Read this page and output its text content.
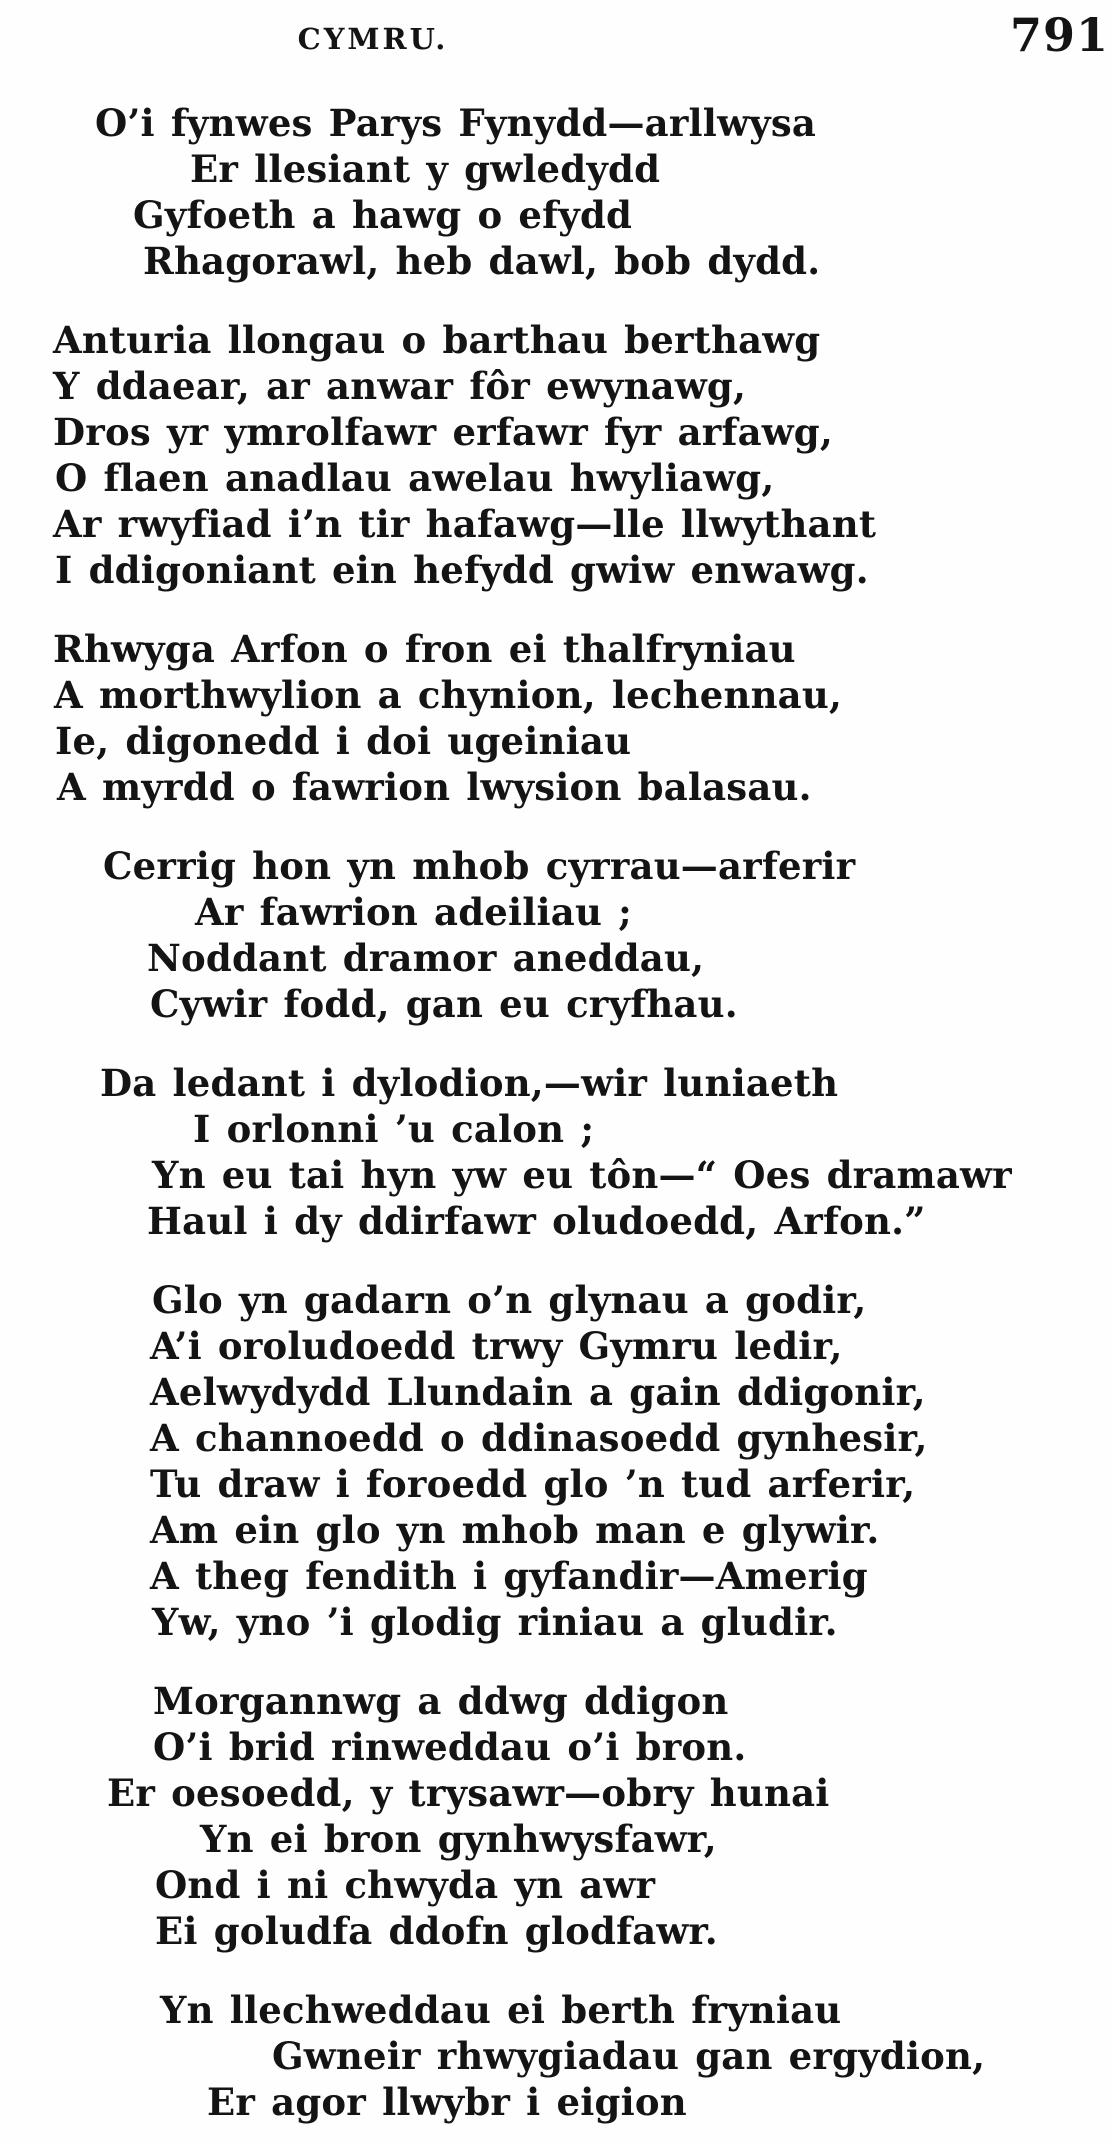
CYMRU.	791
O’i fynwes Parys Fynydd—arllwysa
Er llesiant y gwledydd
Gyfoeth a hawg o efydd
Rhagorawl, heb dawl, bob dydd.
Anturia llongau o barthau berthawg
Y ddaear, ar anwar fôr ewynawg,
Dros yr ymrolfawr erfawr fyr arfawg,
O flaen anadlau awelau hwyliawg,
Ar rwyfiad i’n tir hafawg—lle llwythant
I ddigoniant ein hefydd gwiw enwawg.
Rhwyga Arfon o fron ei thalfryniau
A morthwylion a chynion, lechennau,
Ie, digonedd i doi ugeiniau
A myrdd o fawrion lwysion balasau.
Cerrig hon yn mhob cyrrau—arferir
Ar fawrion adeiliau ;
Noddant dramor aneddau,
Cywir fodd, gan eu cryfhau.
Da ledant i dylodion,—wir luniaeth
I orlonni ’u calon ;
Yn eu tai hyn yw eu tôn—“ Oes dramawr
Haul i dy ddirfawr oludoedd, Arfon.”
Glo yn gadarn o’n glynau a godir,
A’i oroludoedd trwy Gymru ledir,
Aelwydydd Llundain a gain ddigonir,
A channoedd o ddinasoedd gynhesir,
Tu draw i foroedd glo ’n tud arferir,
Am ein glo yn mhob man e glywir.
A theg fendith i gyfandir—Amerig
Yw, yno ’i glodig riniau a gludir.
Morgannwg a ddwg ddigon
O’i brid rinweddau o’i bron.
Er oesoedd, y trysawr—obry hunai
Yn ei bron gynhwysfawr,
Ond i ni chwyda yn awr
Ei goludfa ddofn glodfawr.
Yn llechweddau ei berth fryniau
Gwneir rhwygiadau gan ergydion,
Er agor llwybr i eigion
